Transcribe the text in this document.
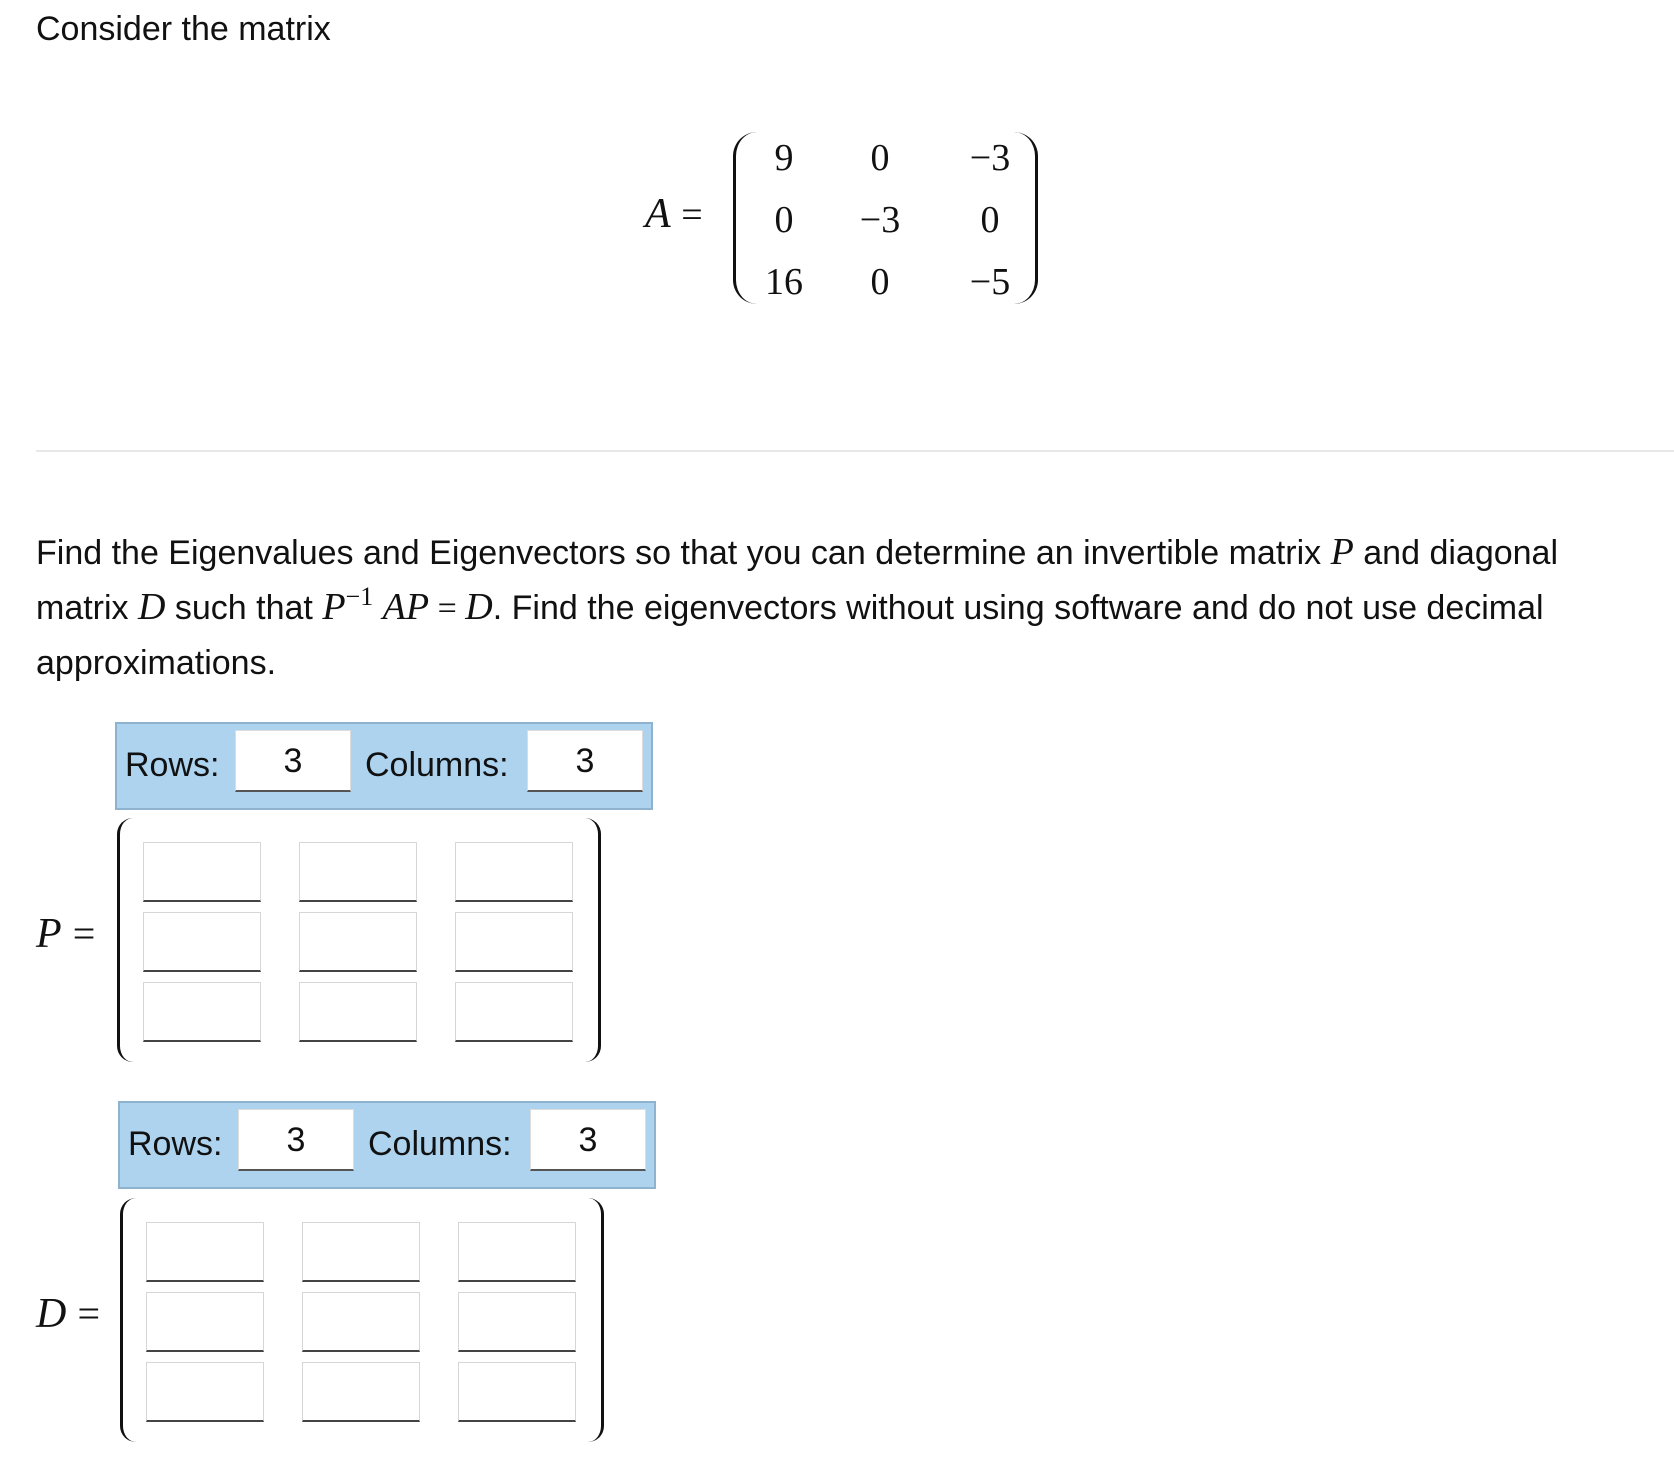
Consider the matrix
A =
9	0	−3
0	−3	0
16	0	−5
Find the Eigenvalues and Eigenvectors so that you can determine an invertible matrix P and diagonal matrix D such that $P^{-1}$ AP = D. Find the eigenvectors without using software and do not use decimal approximations.
Rows:	3	Columns:	3
P =
Rows:	3	Columns:	3
D =
